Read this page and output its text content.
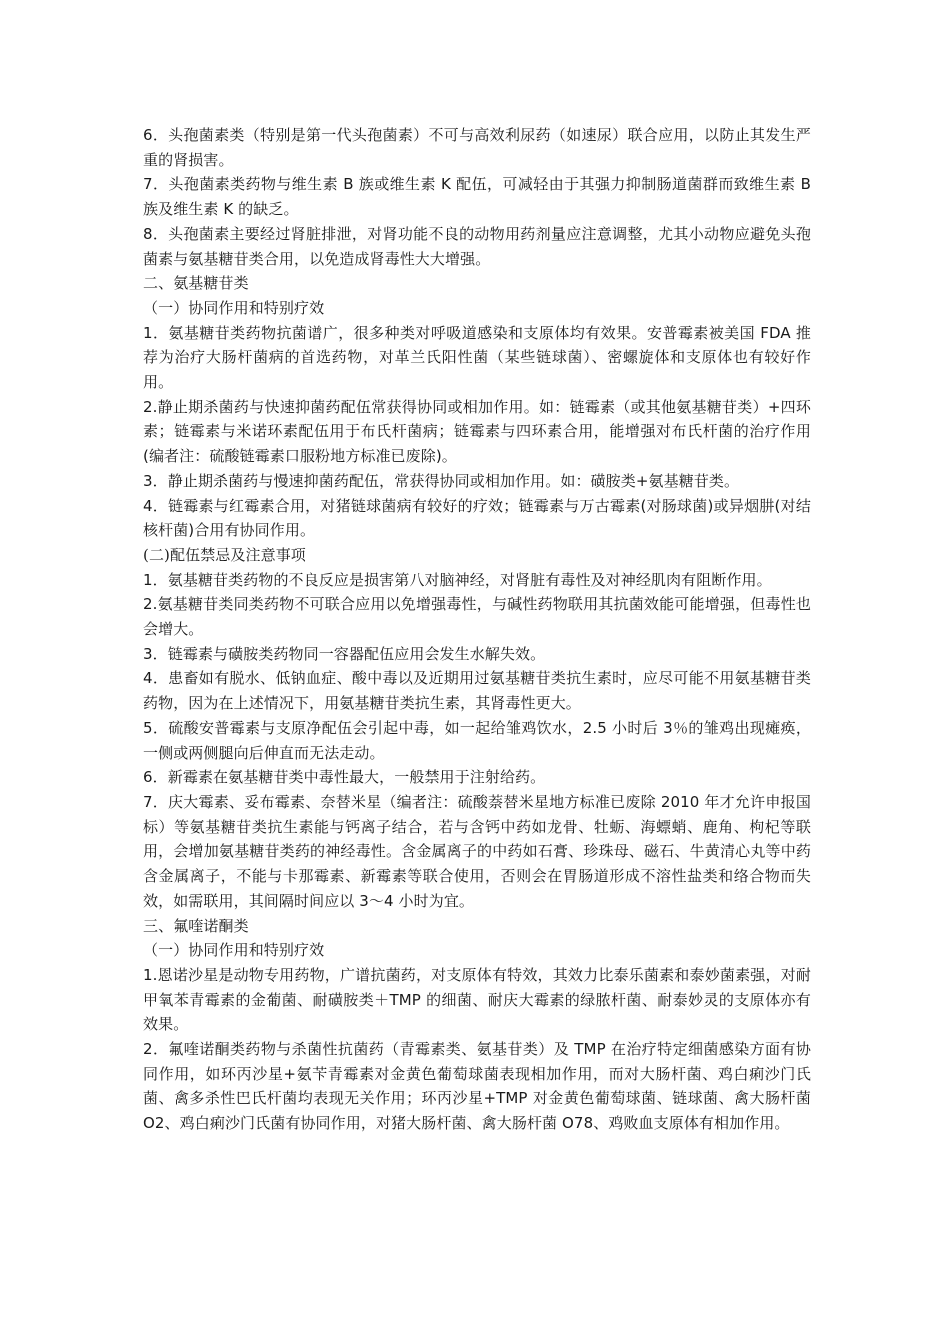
6．头孢菌素类（特别是第一代头孢菌素）不可与高效利尿药（如速尿）联合应用，以防止其发生严重的肾损害。

7．头孢菌素类药物与维生素 B 族或维生素 K 配伍，可减轻由于其强力抑制肠道菌群而致维生素 B 族及维生素 K 的缺乏。

8．头孢菌素主要经过肾脏排泄，对肾功能不良的动物用药剂量应注意调整，尤其小动物应避免头孢菌素与氨基糖苷类合用，以免造成肾毒性大大增强。

二、氨基糖苷类

（一）协同作用和特别疗效

1．氨基糖苷类药物抗菌谱广，很多种类对呼吸道感染和支原体均有效果。安普霉素被美国 FDA 推荐为治疗大肠杆菌病的首选药物，对革兰氏阳性菌（某些链球菌）、密螺旋体和支原体也有较好作用。

2.静止期杀菌药与快速抑菌药配伍常获得协同或相加作用。如：链霉素（或其他氨基糖苷类）+四环素；链霉素与米诺环素配伍用于布氏杆菌病；链霉素与四环素合用，能增强对布氏杆菌的治疗作用(编者注：硫酸链霉素口服粉地方标准已废除)。

3．静止期杀菌药与慢速抑菌药配伍，常获得协同或相加作用。如：磺胺类+氨基糖苷类。

4．链霉素与红霉素合用，对猪链球菌病有较好的疗效；链霉素与万古霉素(对肠球菌)或异烟肼(对结核杆菌)合用有协同作用。

(二)配伍禁忌及注意事项

1．氨基糖苷类药物的不良反应是损害第八对脑神经，对肾脏有毒性及对神经肌肉有阻断作用。

2.氨基糖苷类同类药物不可联合应用以免增强毒性，与碱性药物联用其抗菌效能可能增强，但毒性也会增大。

3．链霉素与磺胺类药物同一容器配伍应用会发生水解失效。

4．患畜如有脱水、低钠血症、酸中毒以及近期用过氨基糖苷类抗生素时，应尽可能不用氨基糖苷类药物，因为在上述情况下，用氨基糖苷类抗生素，其肾毒性更大。

5．硫酸安普霉素与支原净配伍会引起中毒，如一起给雏鸡饮水，2.5 小时后 3％的雏鸡出现瘫痪，一侧或两侧腿向后伸直而无法走动。

6．新霉素在氨基糖苷类中毒性最大，一般禁用于注射给药。

7．庆大霉素、妥布霉素、奈替米星（编者注：硫酸萘替米星地方标准已废除 2010 年才允许申报国标）等氨基糖苷类抗生素能与钙离子结合，若与含钙中药如龙骨、牡蛎、海螵蛸、鹿角、枸杞等联用，会增加氨基糖苷类药的神经毒性。含金属离子的中药如石膏、珍珠母、磁石、牛黄清心丸等中药含金属离子，不能与卡那霉素、新霉素等联合使用，否则会在胃肠道形成不溶性盐类和络合物而失效，如需联用，其间隔时间应以 3～4 小时为宜。

三、氟喹诺酮类

（一）协同作用和特别疗效

1.恩诺沙星是动物专用药物，广谱抗菌药，对支原体有特效，其效力比泰乐菌素和泰妙菌素强，对耐甲氧苯青霉素的金葡菌、耐磺胺类＋TMP 的细菌、耐庆大霉素的绿脓杆菌、耐泰妙灵的支原体亦有效果。

2．氟喹诺酮类药物与杀菌性抗菌药（青霉素类、氨基苷类）及 TMP 在治疗特定细菌感染方面有协同作用，如环丙沙星+氨苄青霉素对金黄色葡萄球菌表现相加作用，而对大肠杆菌、鸡白痢沙门氏菌、禽多杀性巴氏杆菌均表现无关作用；环丙沙星+TMP 对金黄色葡萄球菌、链球菌、禽大肠杆菌 O2、鸡白痢沙门氏菌有协同作用，对猪大肠杆菌、禽大肠杆菌 O78、鸡败血支原体有相加作用。
